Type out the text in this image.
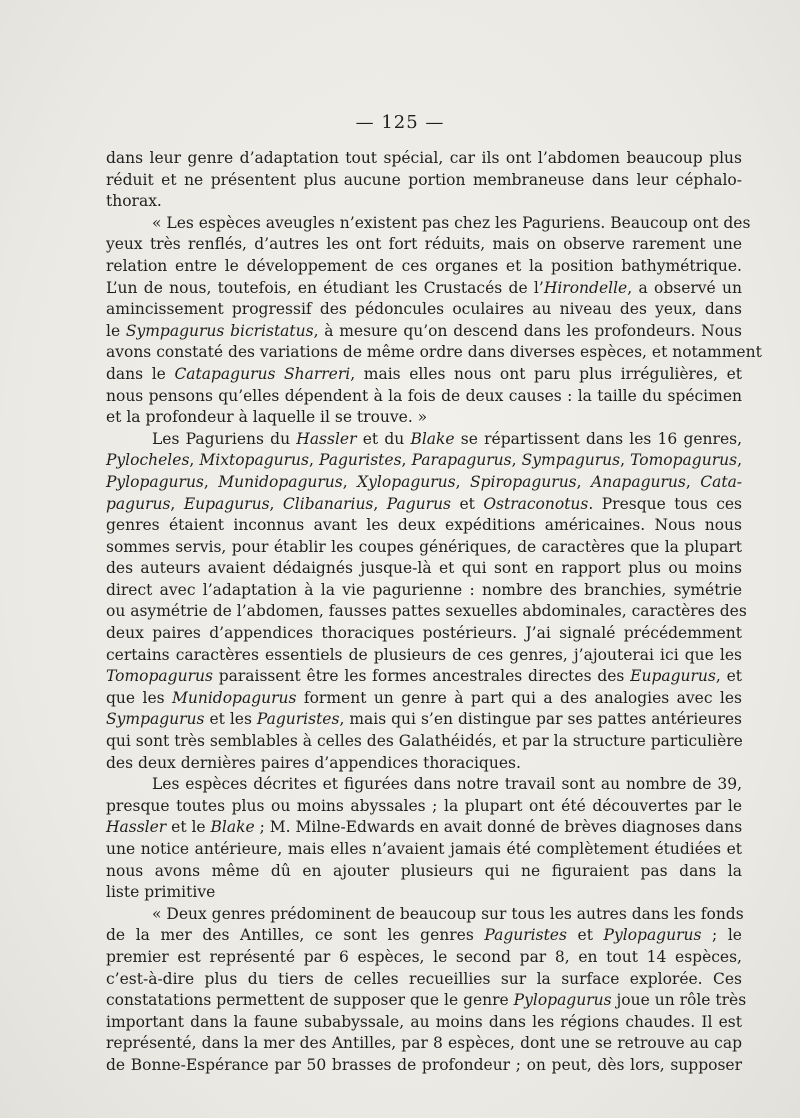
— 125 —
dans leur genre d’adaptation tout spécial, car ils ont l’abdomen beaucoup plus
réduit et ne présentent plus aucune portion membraneuse dans leur céphalo-
thorax.
« Les espèces aveugles n’existent pas chez les Paguriens. Beaucoup ont des
yeux très renflés, d’autres les ont fort réduits, mais on observe rarement une
relation entre le développement de ces organes et la position bathymétrique.
L’un de nous, toutefois, en étudiant les Crustacés de l’Hirondelle, a observé un
amincissement progressif des pédoncules oculaires au niveau des yeux, dans
le Sympagurus bicristatus, à mesure qu’on descend dans les profondeurs. Nous
avons constaté des variations de même ordre dans diverses espèces, et notamment
dans le Catapagurus Sharreri, mais elles nous ont paru plus irrégulières, et
nous pensons qu’elles dépendent à la fois de deux causes : la taille du spécimen
et la profondeur à laquelle il se trouve. »
Les Paguriens du Hassler et du Blake se répartissent dans les 16 genres,
Pylocheles, Mixtopagurus, Paguristes, Parapagurus, Sympagurus, Tomopagurus,
Pylopagurus, Munidopagurus, Xylopagurus, Spiropagurus, Anapagurus, Cata-
pagurus, Eupagurus, Clibanarius, Pagurus et Ostraconotus. Presque tous ces
genres étaient inconnus avant les deux expéditions américaines. Nous nous
sommes servis, pour établir les coupes génériques, de caractères que la plupart
des auteurs avaient dédaignés jusque-là et qui sont en rapport plus ou moins
direct avec l’adaptation à la vie pagurienne : nombre des branchies, symétrie
ou asymétrie de l’abdomen, fausses pattes sexuelles abdominales, caractères des
deux paires d’appendices thoraciques postérieurs. J’ai signalé précédemment
certains caractères essentiels de plusieurs de ces genres, j’ajouterai ici que les
Tomopagurus paraissent être les formes ancestrales directes des Eupagurus, et
que les Munidopagurus forment un genre à part qui a des analogies avec les
Sympagurus et les Paguristes, mais qui s’en distingue par ses pattes antérieures
qui sont très semblables à celles des Galathéidés, et par la structure particulière
des deux dernières paires d’appendices thoraciques.
Les espèces décrites et figurées dans notre travail sont au nombre de 39,
presque toutes plus ou moins abyssales ; la plupart ont été découvertes par le
Hassler et le Blake ; M. Milne-Edwards en avait donné de brèves diagnoses dans
une notice antérieure, mais elles n’avaient jamais été complètement étudiées et
nous avons même dû en ajouter plusieurs qui ne figuraient pas dans la
liste primitive
« Deux genres prédominent de beaucoup sur tous les autres dans les fonds
de la mer des Antilles, ce sont les genres Paguristes et Pylopagurus ; le
premier est représenté par 6 espèces, le second par 8, en tout 14 espèces,
c’est-à-dire plus du tiers de celles recueillies sur la surface explorée. Ces
constatations permettent de supposer que le genre Pylopagurus joue un rôle très
important dans la faune subabyssale, au moins dans les régions chaudes. Il est
représenté, dans la mer des Antilles, par 8 espèces, dont une se retrouve au cap
de Bonne-Espérance par 50 brasses de profondeur ; on peut, dès lors, supposer
